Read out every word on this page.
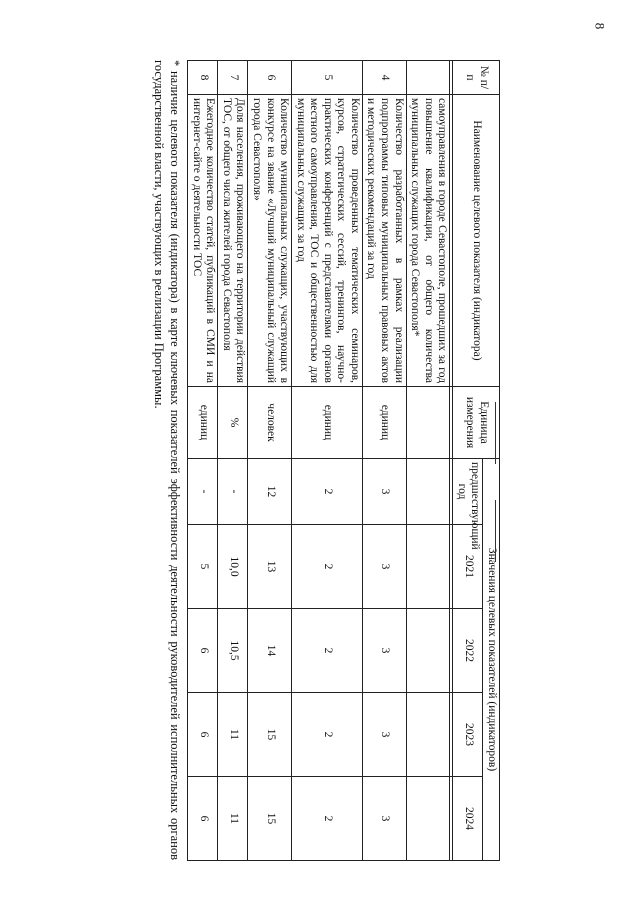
8
№ п/п	Наименование целевого показателя (индикатора)	Единица измерения	Значения целевых показателей (индикаторов)				
			предшествующий год	2021	2022	2023	2024

	самоуправления в городе Севастополе, прошедших за год повышение квалификации, от общего количества муниципальных служащих города Севастополя*						
4	Количество разработанных в рамках реализации подпрограммы типовых муниципальных правовых актов и методических рекомендаций за год	единиц	3	3	3	3	3
5	Количество проведенных тематических семинаров, курсов, стратегических сессий, тренингов, научно-практических конференций с представителями органов местного самоуправления, ТОС и общественностью для муниципальных служащих за год	единиц	2	2	2	2	2
6	Количество муниципальных служащих, участвующих в конкурсе на звание «Лучший муниципальный служащий города Севастополя»	человек	12	13	14	15	15
7	Доля населения, проживающего на территории действия ТОС, от общего числа жителей города Севастополя	%	-	10,0	10,5	11	11
8	Ежегодное количество статей, публикаций в СМИ и на интернет-сайте о деятельности ТОС	единиц	-	5	6	6	6
* наличие целевого показателя (индикатора) в карте ключевых показателей эффективности деятельности руководителей исполнительных органов государственной власти, участвующих в реализации Программы.
